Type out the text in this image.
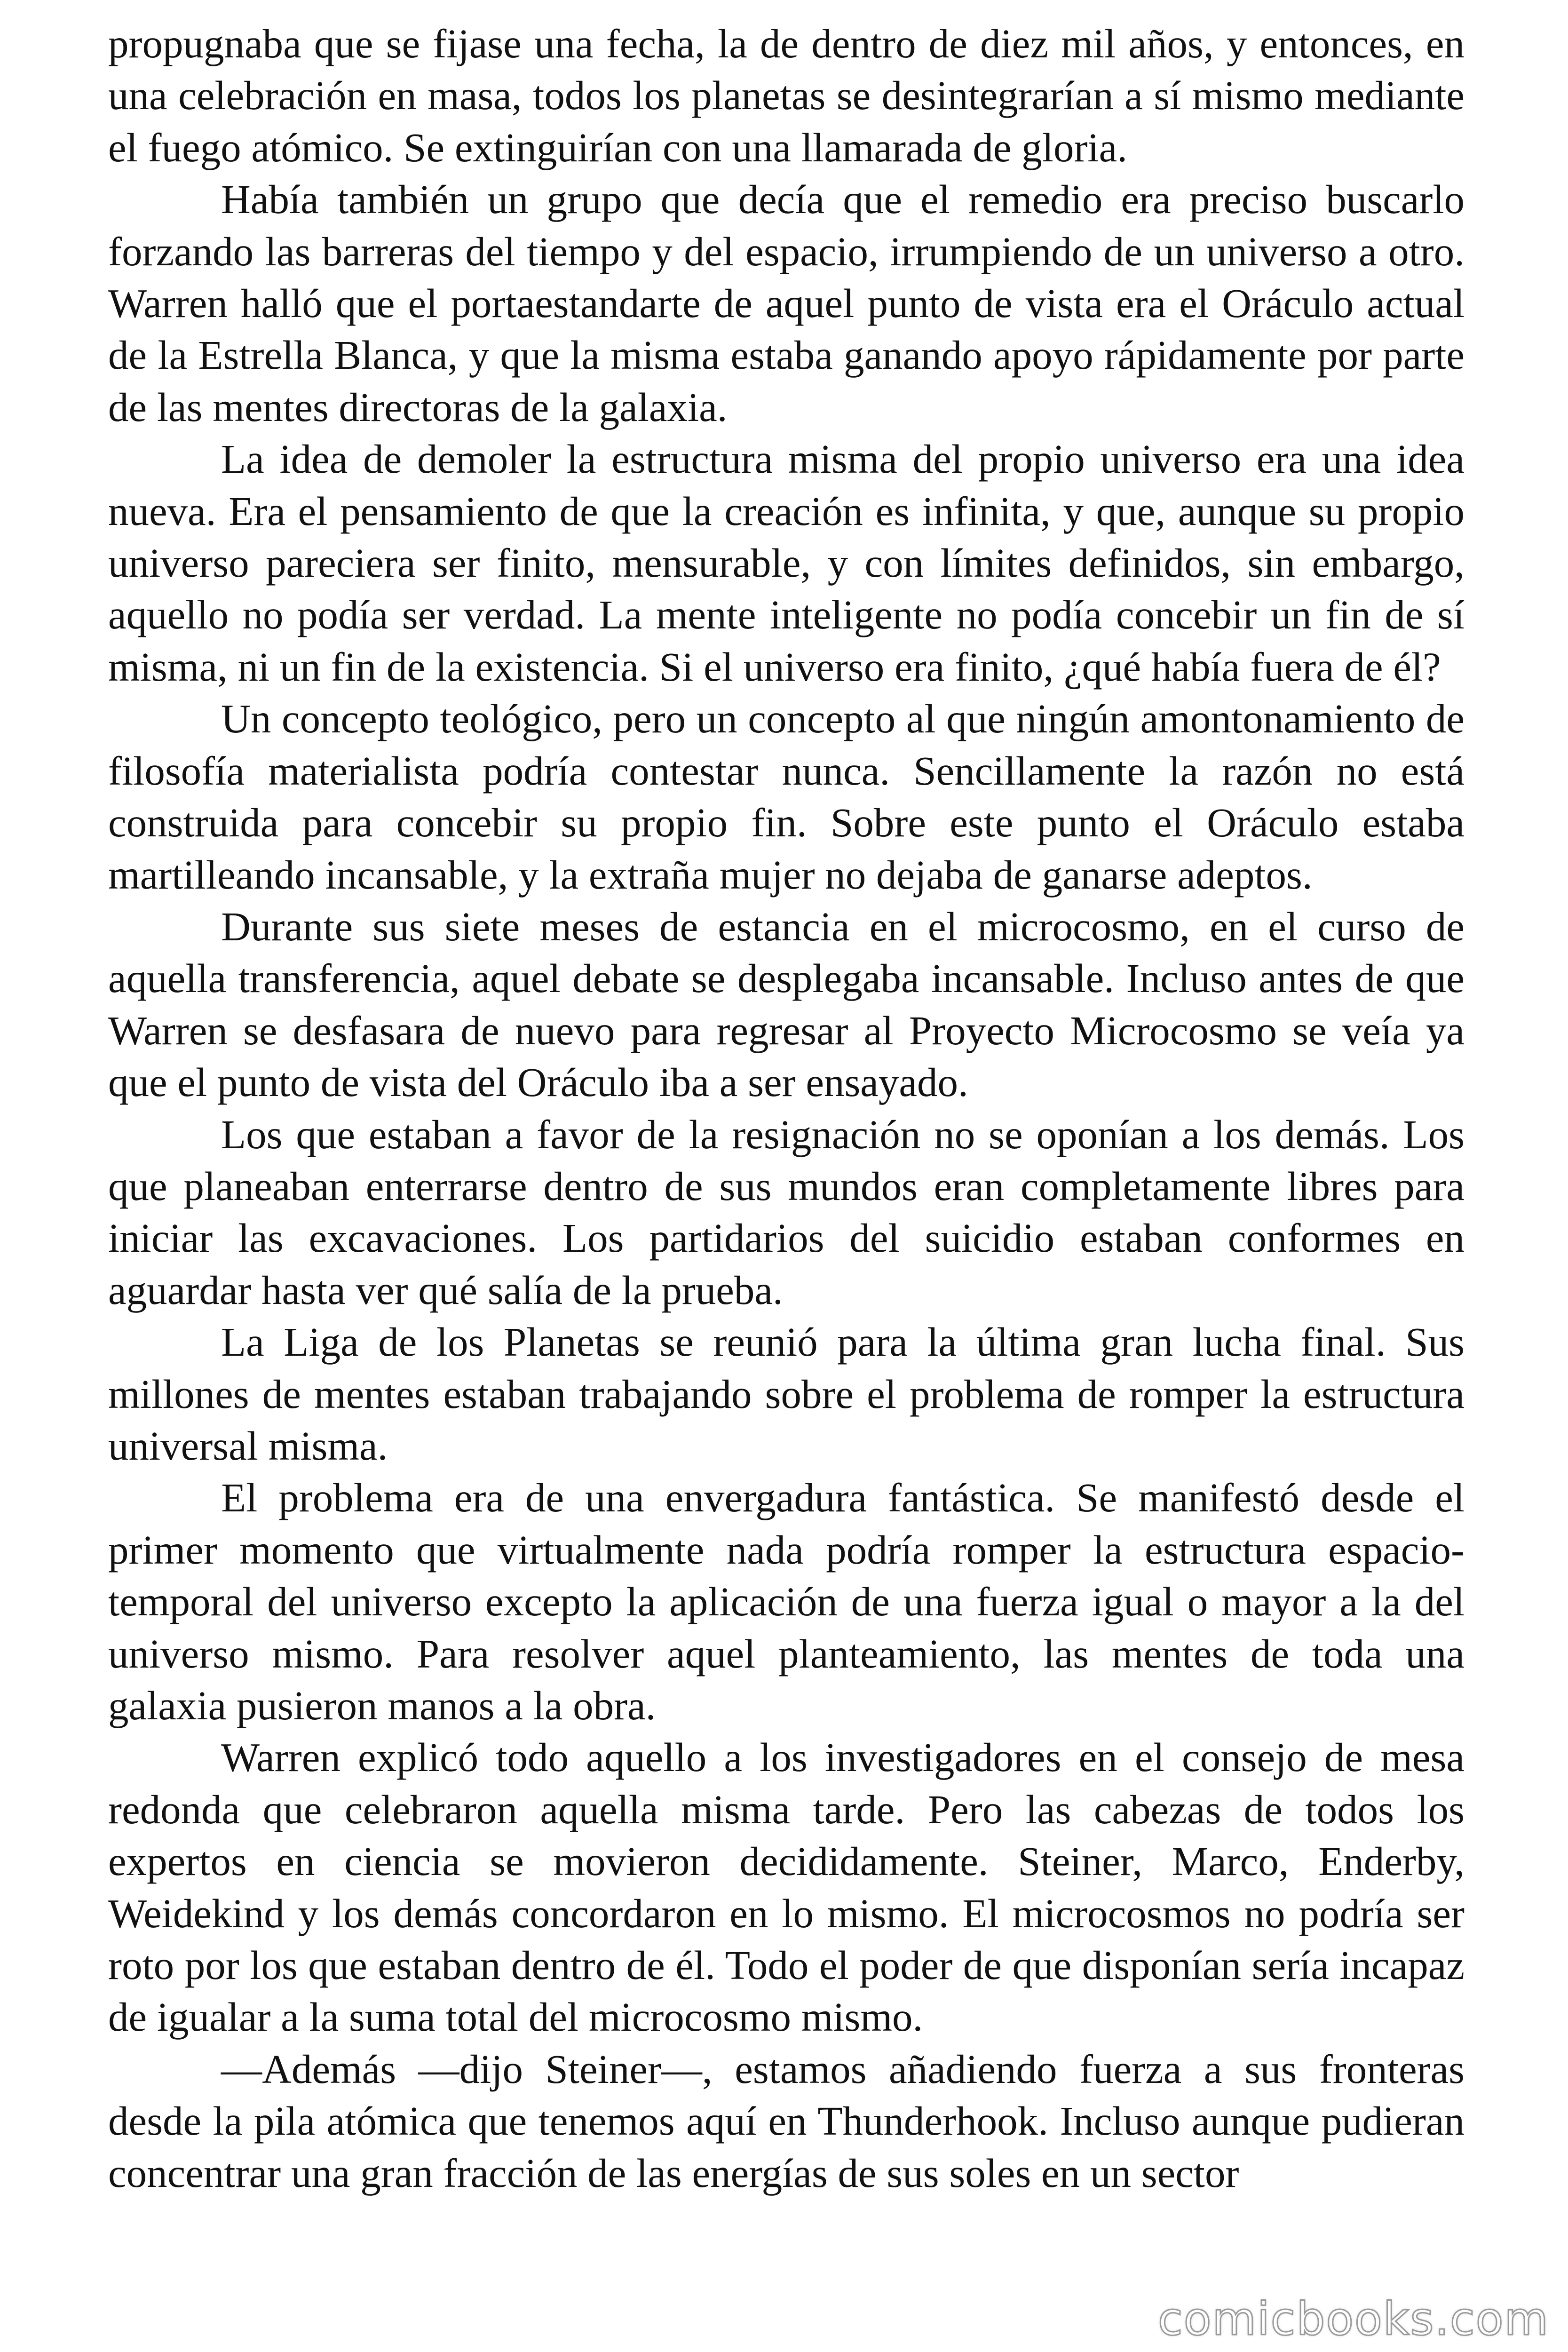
propugnaba que se fijase una fecha, la de dentro de diez mil años, y entonces, en una celebración en masa, todos los planetas se desintegrarían a sí mismo mediante el fuego atómico. Se extinguirían con una llamarada de gloria.

Había también un grupo que decía que el remedio era preciso buscarlo forzando las barreras del tiempo y del espacio, irrumpiendo de un universo a otro. Warren halló que el portaestandarte de aquel punto de vista era el Oráculo actual de la Estrella Blanca, y que la misma estaba ganando apoyo rápidamente por parte de las mentes directoras de la galaxia.

La idea de demoler la estructura misma del propio universo era una idea nueva. Era el pensamiento de que la creación es infinita, y que, aunque su propio universo pareciera ser finito, mensurable, y con límites definidos, sin embargo, aquello no podía ser verdad. La mente inteligente no podía concebir un fin de sí misma, ni un fin de la existencia. Si el universo era finito, ¿qué había fuera de él?

Un concepto teológico, pero un concepto al que ningún amontonamiento de filosofía materialista podría contestar nunca. Sencillamente la razón no está construida para concebir su propio fin. Sobre este punto el Oráculo estaba martilleando incansable, y la extraña mujer no dejaba de ganarse adeptos.

Durante sus siete meses de estancia en el microcosmo, en el curso de aquella transferencia, aquel debate se desplegaba incansable. Incluso antes de que Warren se desfasara de nuevo para regresar al Proyecto Microcosmo se veía ya que el punto de vista del Oráculo iba a ser ensayado.

Los que estaban a favor de la resignación no se oponían a los demás. Los que planeaban enterrarse dentro de sus mundos eran completamente libres para iniciar las excavaciones. Los partidarios del suicidio estaban conformes en aguardar hasta ver qué salía de la prueba.

La Liga de los Planetas se reunió para la última gran lucha final. Sus millones de mentes estaban trabajando sobre el problema de romper la estructura universal misma.

El problema era de una envergadura fantástica. Se manifestó desde el primer momento que virtualmente nada podría romper la estructura espacio-temporal del universo excepto la aplicación de una fuerza igual o mayor a la del universo mismo. Para resolver aquel planteamiento, las mentes de toda una galaxia pusieron manos a la obra.

Warren explicó todo aquello a los investigadores en el consejo de mesa redonda que celebraron aquella misma tarde. Pero las cabezas de todos los expertos en ciencia se movieron decididamente. Steiner, Marco, Enderby, Weidekind y los demás concordaron en lo mismo. El microcosmos no podría ser roto por los que estaban dentro de él. Todo el poder de que disponían sería incapaz de igualar a la suma total del microcosmo mismo.

—Además —dijo Steiner—, estamos añadiendo fuerza a sus fronteras desde la pila atómica que tenemos aquí en Thunderhook. Incluso aunque pudieran concentrar una gran fracción de las energías de sus soles en un sector

comicbooks.com
